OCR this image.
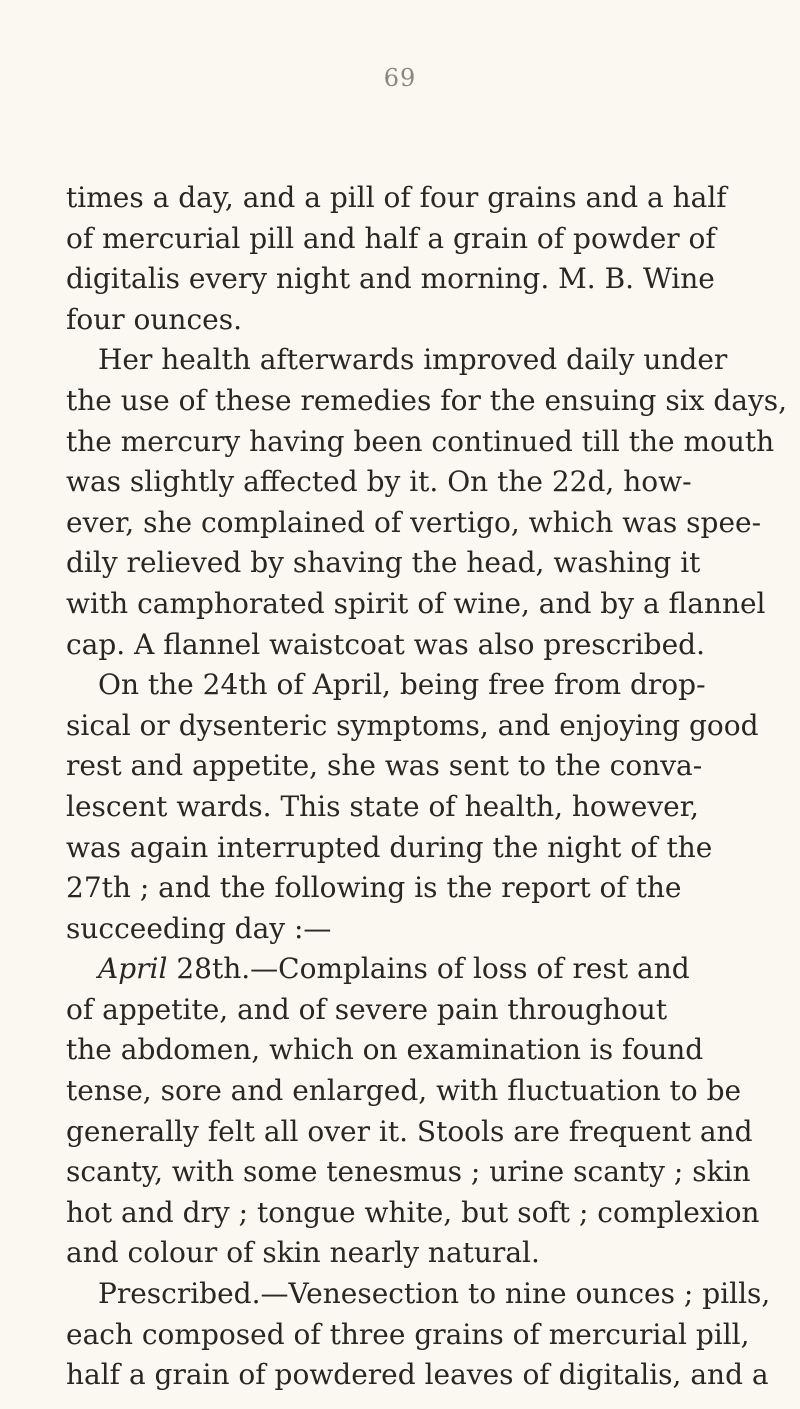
69
times a day, and a pill of four grains and a half
of mercurial pill and half a grain of powder of
digitalis every night and morning. M. B. Wine
four ounces.
Her health afterwards improved daily under
the use of these remedies for the ensuing six days,
the mercury having been continued till the mouth
was slightly affected by it. On the 22d, how-
ever, she complained of vertigo, which was spee-
dily relieved by shaving the head, washing it
with camphorated spirit of wine, and by a flannel
cap. A flannel waistcoat was also prescribed.
On the 24th of April, being free from drop-
sical or dysenteric symptoms, and enjoying good
rest and appetite, she was sent to the conva-
lescent wards. This state of health, however,
was again interrupted during the night of the
27th ; and the following is the report of the
succeeding day :—
April 28th.—Complains of loss of rest and
of appetite, and of severe pain throughout
the abdomen, which on examination is found
tense, sore and enlarged, with fluctuation to be
generally felt all over it. Stools are frequent and
scanty, with some tenesmus ; urine scanty ; skin
hot and dry ; tongue white, but soft ; complexion
and colour of skin nearly natural.
Prescribed.—Venesection to nine ounces ; pills,
each composed of three grains of mercurial pill,
half a grain of powdered leaves of digitalis, and a
